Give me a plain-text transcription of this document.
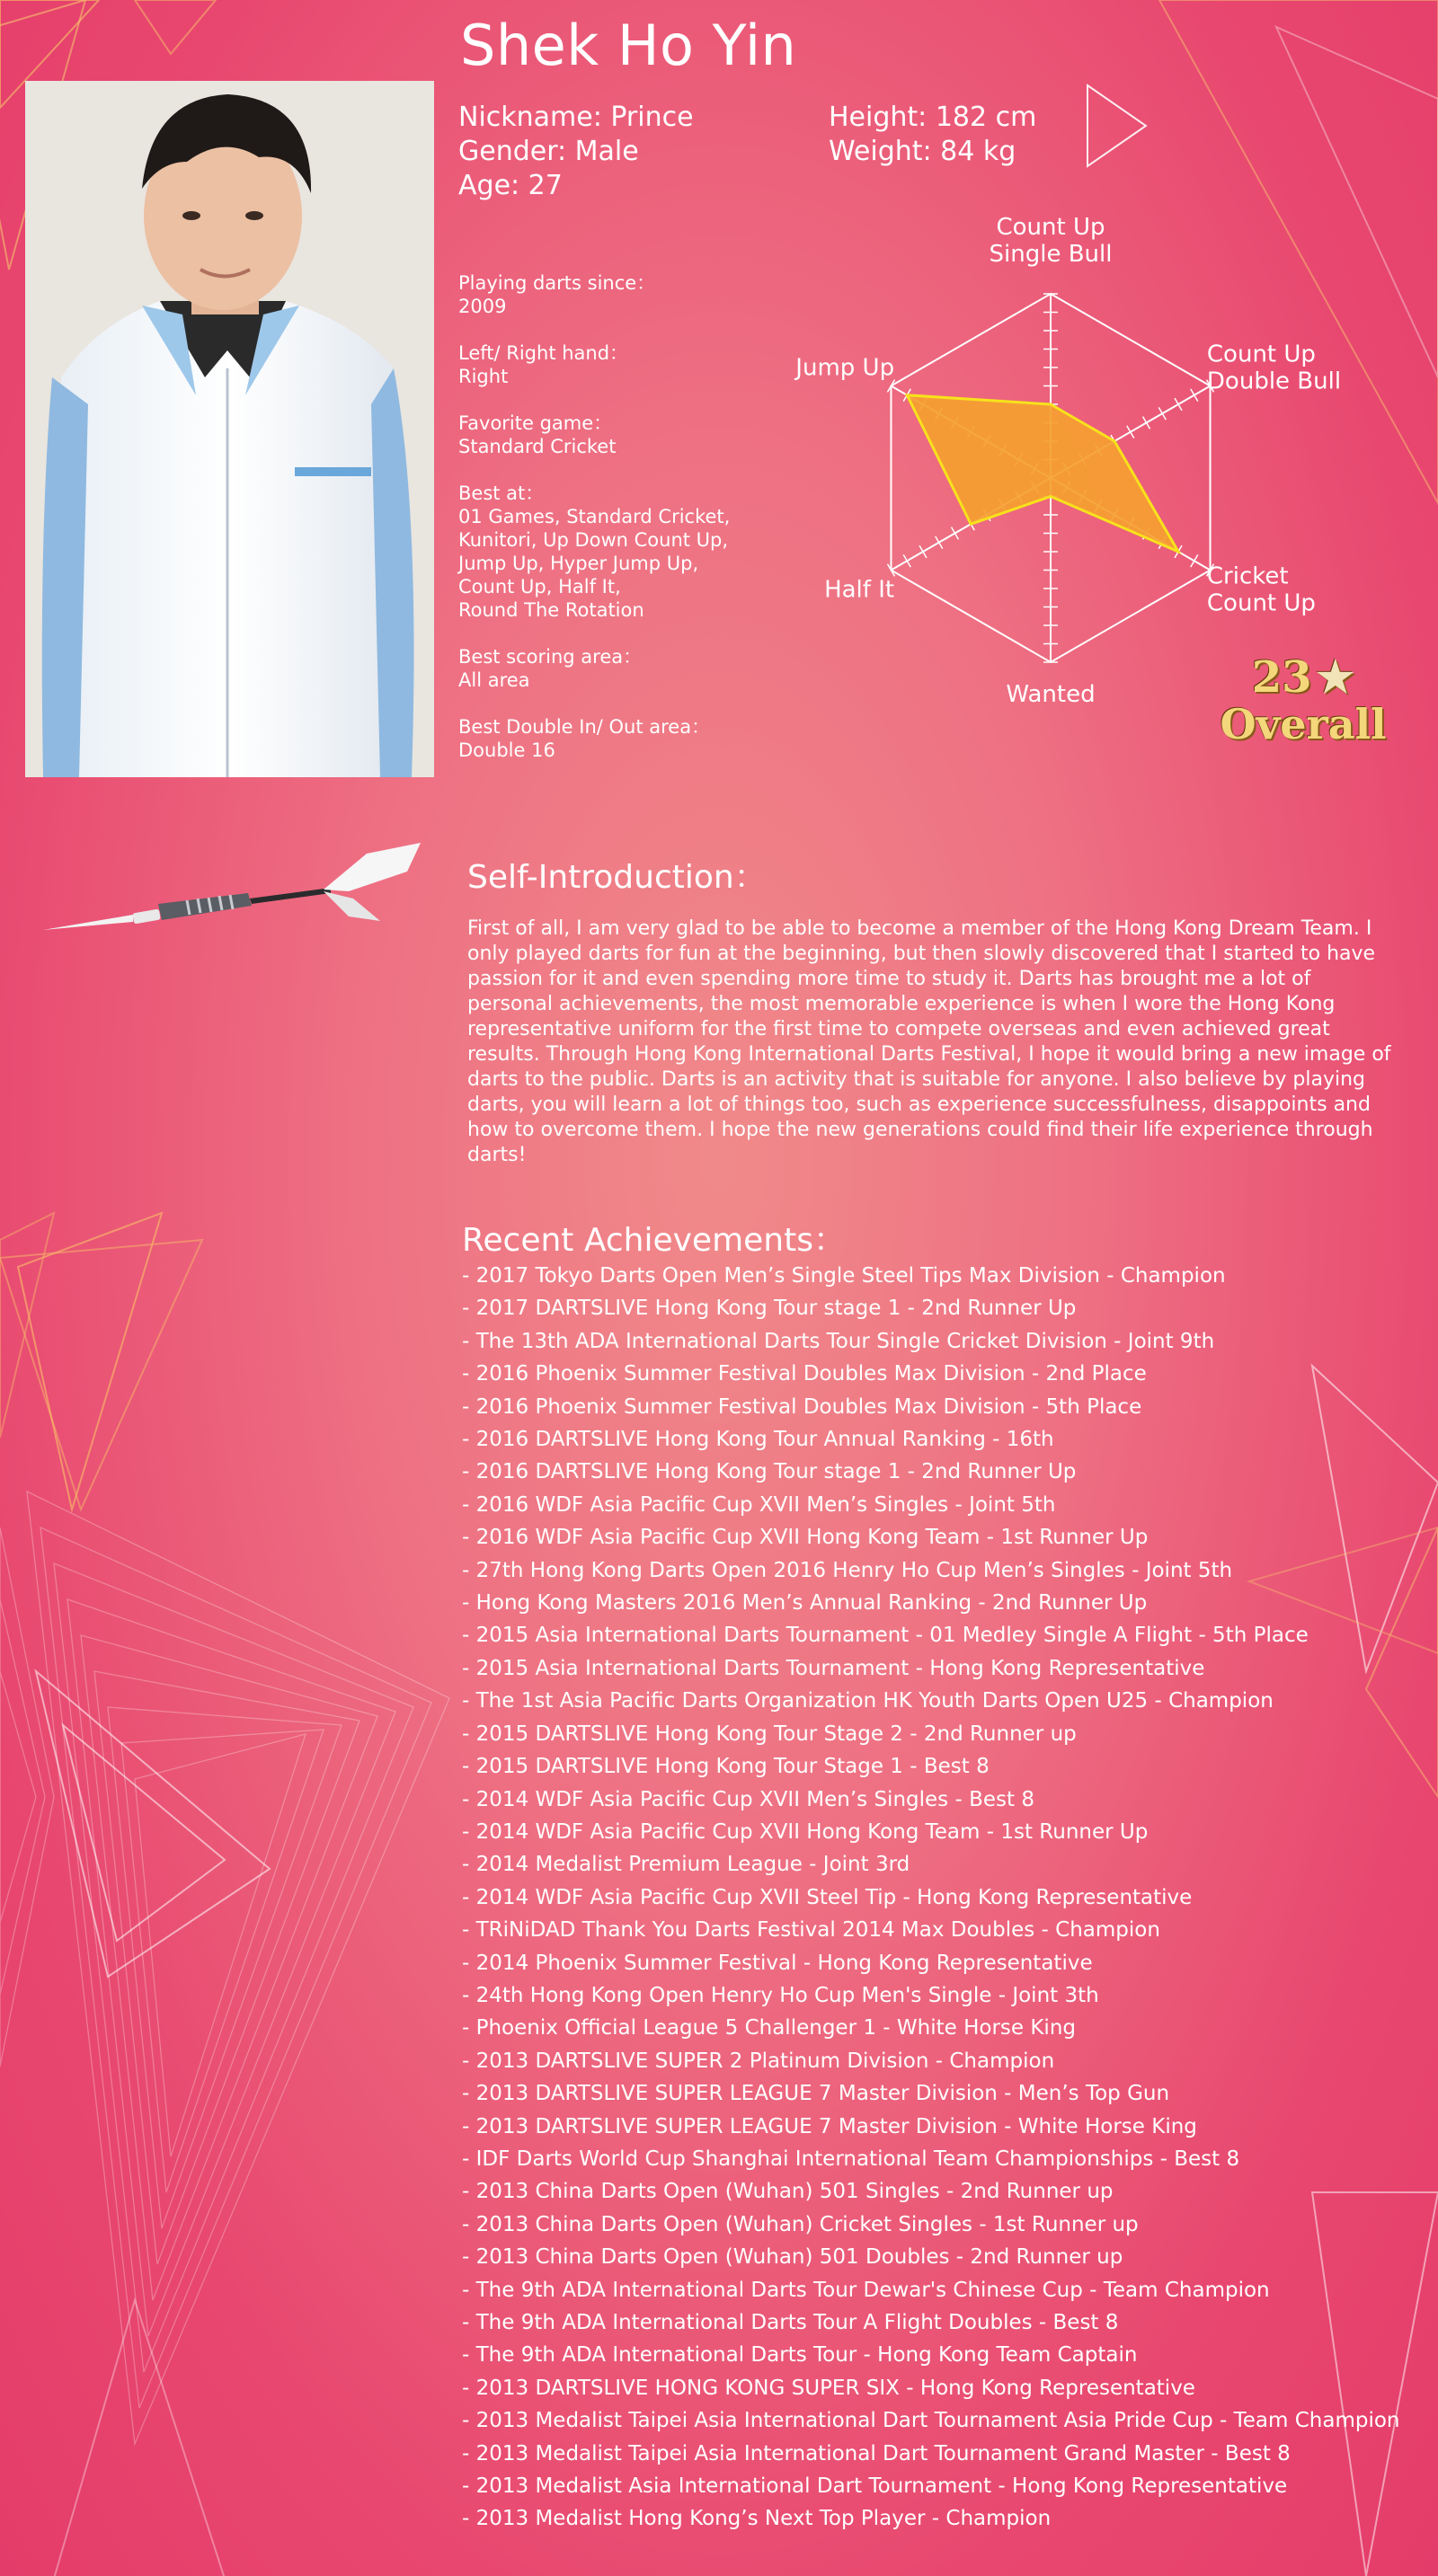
Shek Ho Yin
Nickname: Prince
Gender: Male
Age: 27
Height: 182 cm
Weight: 84 kg
Playing darts since：
2009
Left/ Right hand：
Right
Favorite game：
Standard Cricket
Best at：
01 Games, Standard Cricket,
Kunitori, Up Down Count Up,
Jump Up, Hyper Jump Up,
Count Up, Half It,
Round The Rotation
Best scoring area：
All area
Best Double In/ Out area：
Double 16
Count Up Single Bull
Count Up Double Bull
Cricket Count Up
Wanted
Half It
Jump Up
23 ★
Overall
Self-Introduction：
First of all, I am very glad to be able to become a member of the Hong Kong Dream Team. I only played darts for fun at the beginning, but then slowly discovered that I started to have passion for it and even spending more time to study it. Darts has brought me a lot of personal achievements, the most memorable experience is when I wore the Hong Kong representative uniform for the first time to compete overseas and even achieved great results. Through Hong Kong International Darts Festival, I hope it would bring a new image of darts to the public. Darts is an activity that is suitable for anyone. I also believe by playing darts, you will learn a lot of things too, such as experience successfulness, disappoints and how to overcome them. I hope the new generations could find their life experience through darts!
Recent Achievements：
- 2017 Tokyo Darts Open Men’s Single Steel Tips Max Division - Champion
- 2017 DARTSLIVE Hong Kong Tour stage 1 - 2nd Runner Up
- The 13th ADA International Darts Tour Single Cricket Division - Joint 9th
- 2016 Phoenix Summer Festival Doubles Max Division - 2nd Place
- 2016 Phoenix Summer Festival Doubles Max Division - 5th Place
- 2016 DARTSLIVE Hong Kong Tour Annual Ranking - 16th
- 2016 DARTSLIVE Hong Kong Tour stage 1 - 2nd Runner Up
- 2016 WDF Asia Pacific Cup XVII Men’s Singles - Joint 5th
- 2016 WDF Asia Pacific Cup XVII Hong Kong Team - 1st Runner Up
- 27th Hong Kong Darts Open 2016 Henry Ho Cup Men’s Singles - Joint 5th
- Hong Kong Masters 2016 Men’s Annual Ranking - 2nd Runner Up
- 2015 Asia International Darts Tournament - 01 Medley Single A Flight - 5th Place
- 2015 Asia International Darts Tournament - Hong Kong Representative
- The 1st Asia Pacific Darts Organization HK Youth Darts Open U25 - Champion
- 2015 DARTSLIVE Hong Kong Tour Stage 2 - 2nd Runner up
- 2015 DARTSLIVE Hong Kong Tour Stage 1 - Best 8
- 2014 WDF Asia Pacific Cup XVII Men’s Singles - Best 8
- 2014 WDF Asia Pacific Cup XVII Hong Kong Team - 1st Runner Up
- 2014 Medalist Premium League - Joint 3rd
- 2014 WDF Asia Pacific Cup XVII Steel Tip - Hong Kong Representative
- TRiNiDAD Thank You Darts Festival 2014 Max Doubles - Champion
- 2014 Phoenix Summer Festival - Hong Kong Representative
- 24th Hong Kong Open Henry Ho Cup Men's Single - Joint 3th
- Phoenix Official League 5 Challenger 1 - White Horse King
- 2013 DARTSLIVE SUPER 2 Platinum Division - Champion
- 2013 DARTSLIVE SUPER LEAGUE 7 Master Division - Men’s Top Gun
- 2013 DARTSLIVE SUPER LEAGUE 7 Master Division - White Horse King
- IDF Darts World Cup Shanghai International Team Championships - Best 8
- 2013 China Darts Open (Wuhan) 501 Singles - 2nd Runner up
- 2013 China Darts Open (Wuhan) Cricket Singles - 1st Runner up
- 2013 China Darts Open (Wuhan) 501 Doubles - 2nd Runner up
- The 9th ADA International Darts Tour Dewar's Chinese Cup - Team Champion
- The 9th ADA International Darts Tour A Flight Doubles - Best 8
- The 9th ADA International Darts Tour - Hong Kong Team Captain
- 2013 DARTSLIVE HONG KONG SUPER SIX - Hong Kong Representative
- 2013 Medalist Taipei Asia International Dart Tournament Asia Pride Cup - Team Champion
- 2013 Medalist Taipei Asia International Dart Tournament Grand Master - Best 8
- 2013 Medalist Asia International Dart Tournament - Hong Kong Representative
- 2013 Medalist Hong Kong’s Next Top Player - Champion
